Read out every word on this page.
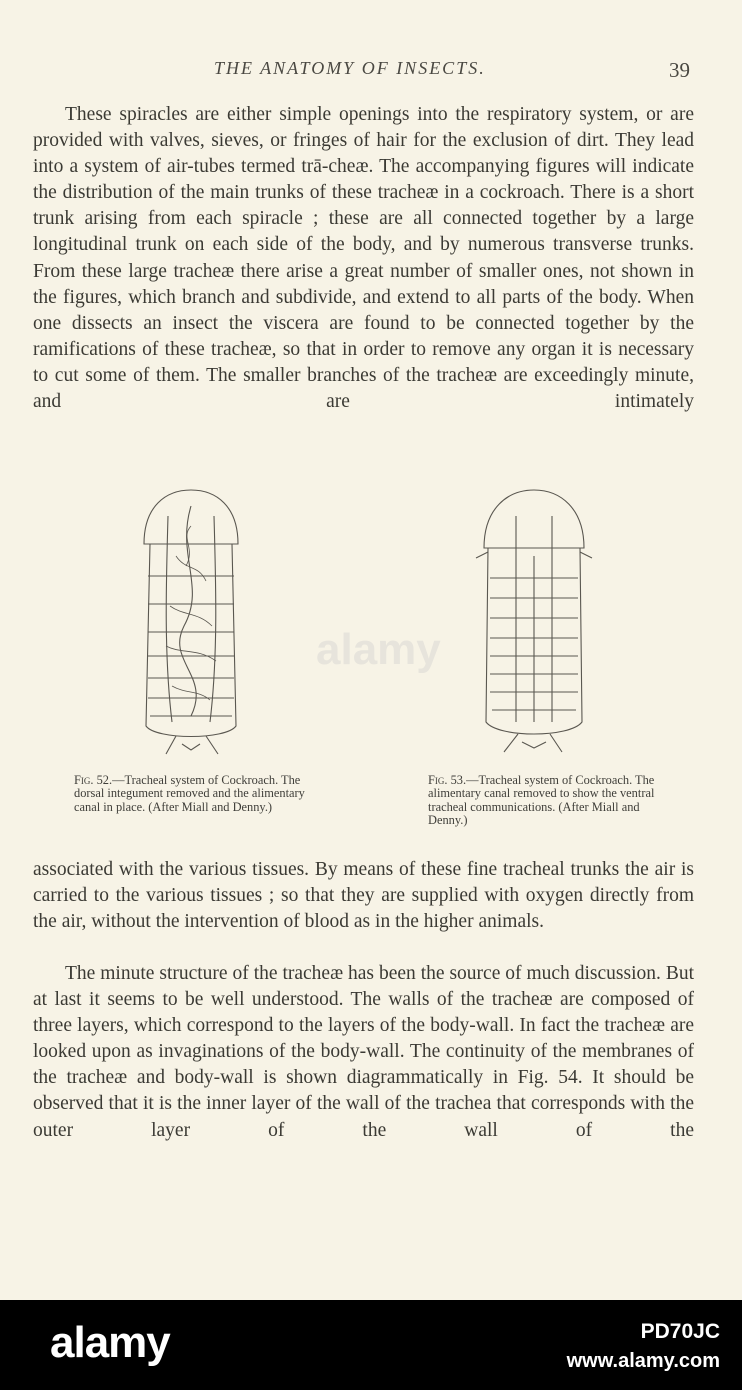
THE ANATOMY OF INSECTS.	39

These spiracles are either simple openings into the respiratory system, or are provided with valves, sieves, or fringes of hair for the exclusion of dirt. They lead into a system of air-tubes termed trā-cheæ. The accompanying figures will indicate the distribution of the main trunks of these tracheæ in a cockroach. There is a short trunk arising from each spiracle ; these are all connected together by a large longitudinal trunk on each side of the body, and by numerous transverse trunks. From these large tracheæ there arise a great number of smaller ones, not shown in the figures, which branch and subdivide, and extend to all parts of the body. When one dissects an insect the viscera are found to be connected together by the ramifications of these tracheæ, so that in order to remove any organ it is necessary to cut some of them. The smaller branches of the tracheæ are exceedingly minute, and are intimately

Fig. 52.—Tracheal system of Cockroach. The dorsal integument removed and the alimentary canal in place. (After Miall and Denny.)
Fig. 53.—Tracheal system of Cockroach. The alimentary canal removed to show the ventral tracheal communications. (After Miall and Denny.)
alamy

associated with the various tissues. By means of these fine tracheal trunks the air is carried to the various tissues ; so that they are supplied with oxygen directly from the air, without the intervention of blood as in the higher animals.

The minute structure of the tracheæ has been the source of much discussion. But at last it seems to be well understood. The walls of the tracheæ are composed of three layers, which correspond to the layers of the body-wall. In fact the tracheæ are looked upon as invaginations of the body-wall. The continuity of the membranes of the tracheæ and body-wall is shown diagrammatically in Fig. 54. It should be observed that it is the inner layer of the wall of the trachea that corresponds with the outer layer of the wall of the

alamy	PD70JC
www.alamy.com
